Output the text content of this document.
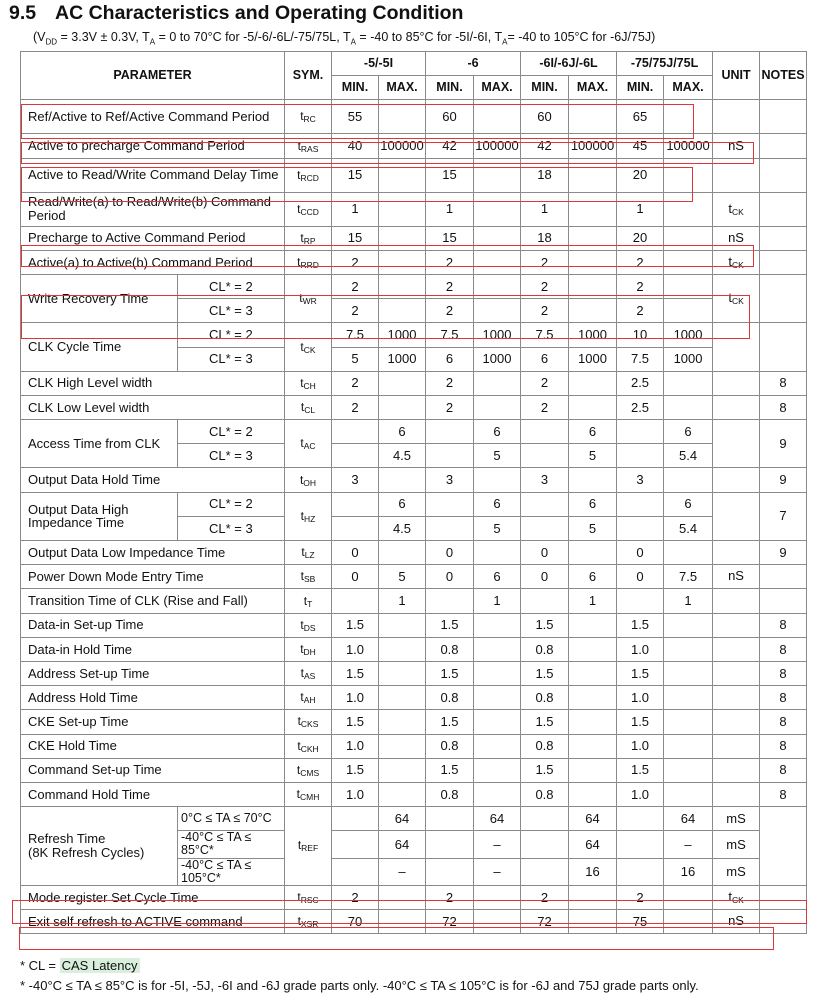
9.5 AC Characteristics and Operating Condition
($V_{DD} = 3.3V \pm 0.3V$, $T_A = 0$ to 70°C for -5/-6/-6L/-75/75L, $T_A = -40$ to 85°C for -5I/-6I, $T_A= -40$ to 105°C for -6J/75J)
PARAMETER		SYM.	-5/-5I		-6		-6I/-6J/-6L		-75/75J/75L		UNIT	NOTES
			MIN.	MAX.	MIN.	MAX.	MIN.	MAX.	MIN.	MAX.		
Ref/Active to Ref/Active Command Period		$t_{RC}$	55		60		60		65			
Active to precharge Command Period		$t_{RAS}$	40	100000	42	100000	42	100000	45	100000	nS	
Active to Read/Write Command Delay Time		$t_{RCD}$	15		15		18		20			
Read/Write(a) to Read/Write(b) Command Period		$t_{CCD}$	1		1		1		1		$t_{CK}$	
Precharge to Active Command Period		$t_{RP}$	15		15		18		20		nS	
Active(a) to Active(b) Command Period		$t_{RRD}$	2		2		2		2		$t_{CK}$	
Write Recovery Time	CL* = 2	$t_{WR}$	2		2		2		2		$t_{CK}$	
	CL* = 3		2		2		2		2			
CLK Cycle Time	CL* = 2	$t_{CK}$	7.5	1000	7.5	1000	7.5	1000	10	1000		
	CL* = 3		5	1000	6	1000	6	1000	7.5	1000		
CLK High Level width		$t_{CH}$	2		2		2		2.5			8
CLK Low Level width		$t_{CL}$	2		2		2		2.5			8
Access Time from CLK	CL* = 2	$t_{AC}$		6		6		6		6		9
	CL* = 3			4.5		5		5		5.4		
Output Data Hold Time		$t_{OH}$	3		3		3		3			9
Output Data High Impedance Time	CL* = 2	$t_{HZ}$		6		6		6		6		7
	CL* = 3			4.5		5		5		5.4		
Output Data Low Impedance Time		$t_{LZ}$	0		0		0		0			9
Power Down Mode Entry Time		$t_{SB}$	0	5	0	6	0	6	0	7.5	nS	
Transition Time of CLK (Rise and Fall)		$t_T$		1		1		1		1		
Data-in Set-up Time		$t_{DS}$	1.5		1.5		1.5		1.5			8
Data-in Hold Time		$t_{DH}$	1.0		0.8		0.8		1.0			8
Address Set-up Time		$t_{AS}$	1.5		1.5		1.5		1.5			8
Address Hold Time		$t_{AH}$	1.0		0.8		0.8		1.0			8
CKE Set-up Time		$t_{CKS}$	1.5		1.5		1.5		1.5			8
CKE Hold Time		$t_{CKH}$	1.0		0.8		0.8		1.0			8
Command Set-up Time		$t_{CMS}$	1.5		1.5		1.5		1.5			8
Command Hold Time		$t_{CMH}$	1.0		0.8		0.8		1.0			8
Refresh Time
(8K Refresh Cycles)	0°C ≤ TA ≤ 70°C	$t_{REF}$		64		64		64		64	mS	
	-40°C ≤ TA ≤ 85°C*			64		–		64		–	mS	
	-40°C ≤ TA ≤ 105°C*			–		–		16		16	mS	
Mode register Set Cycle Time		$t_{RSC}$	2		2		2		2		$t_{CK}$	
Exit self refresh to ACTIVE command		$t_{XSR}$	70		72		72		75		nS	
* CL = CAS Latency
* -40°C ≤ TA ≤ 85°C is for -5I, -5J, -6I and -6J grade parts only. -40°C ≤ TA ≤ 105°C is for -6J and 75J grade parts only.
